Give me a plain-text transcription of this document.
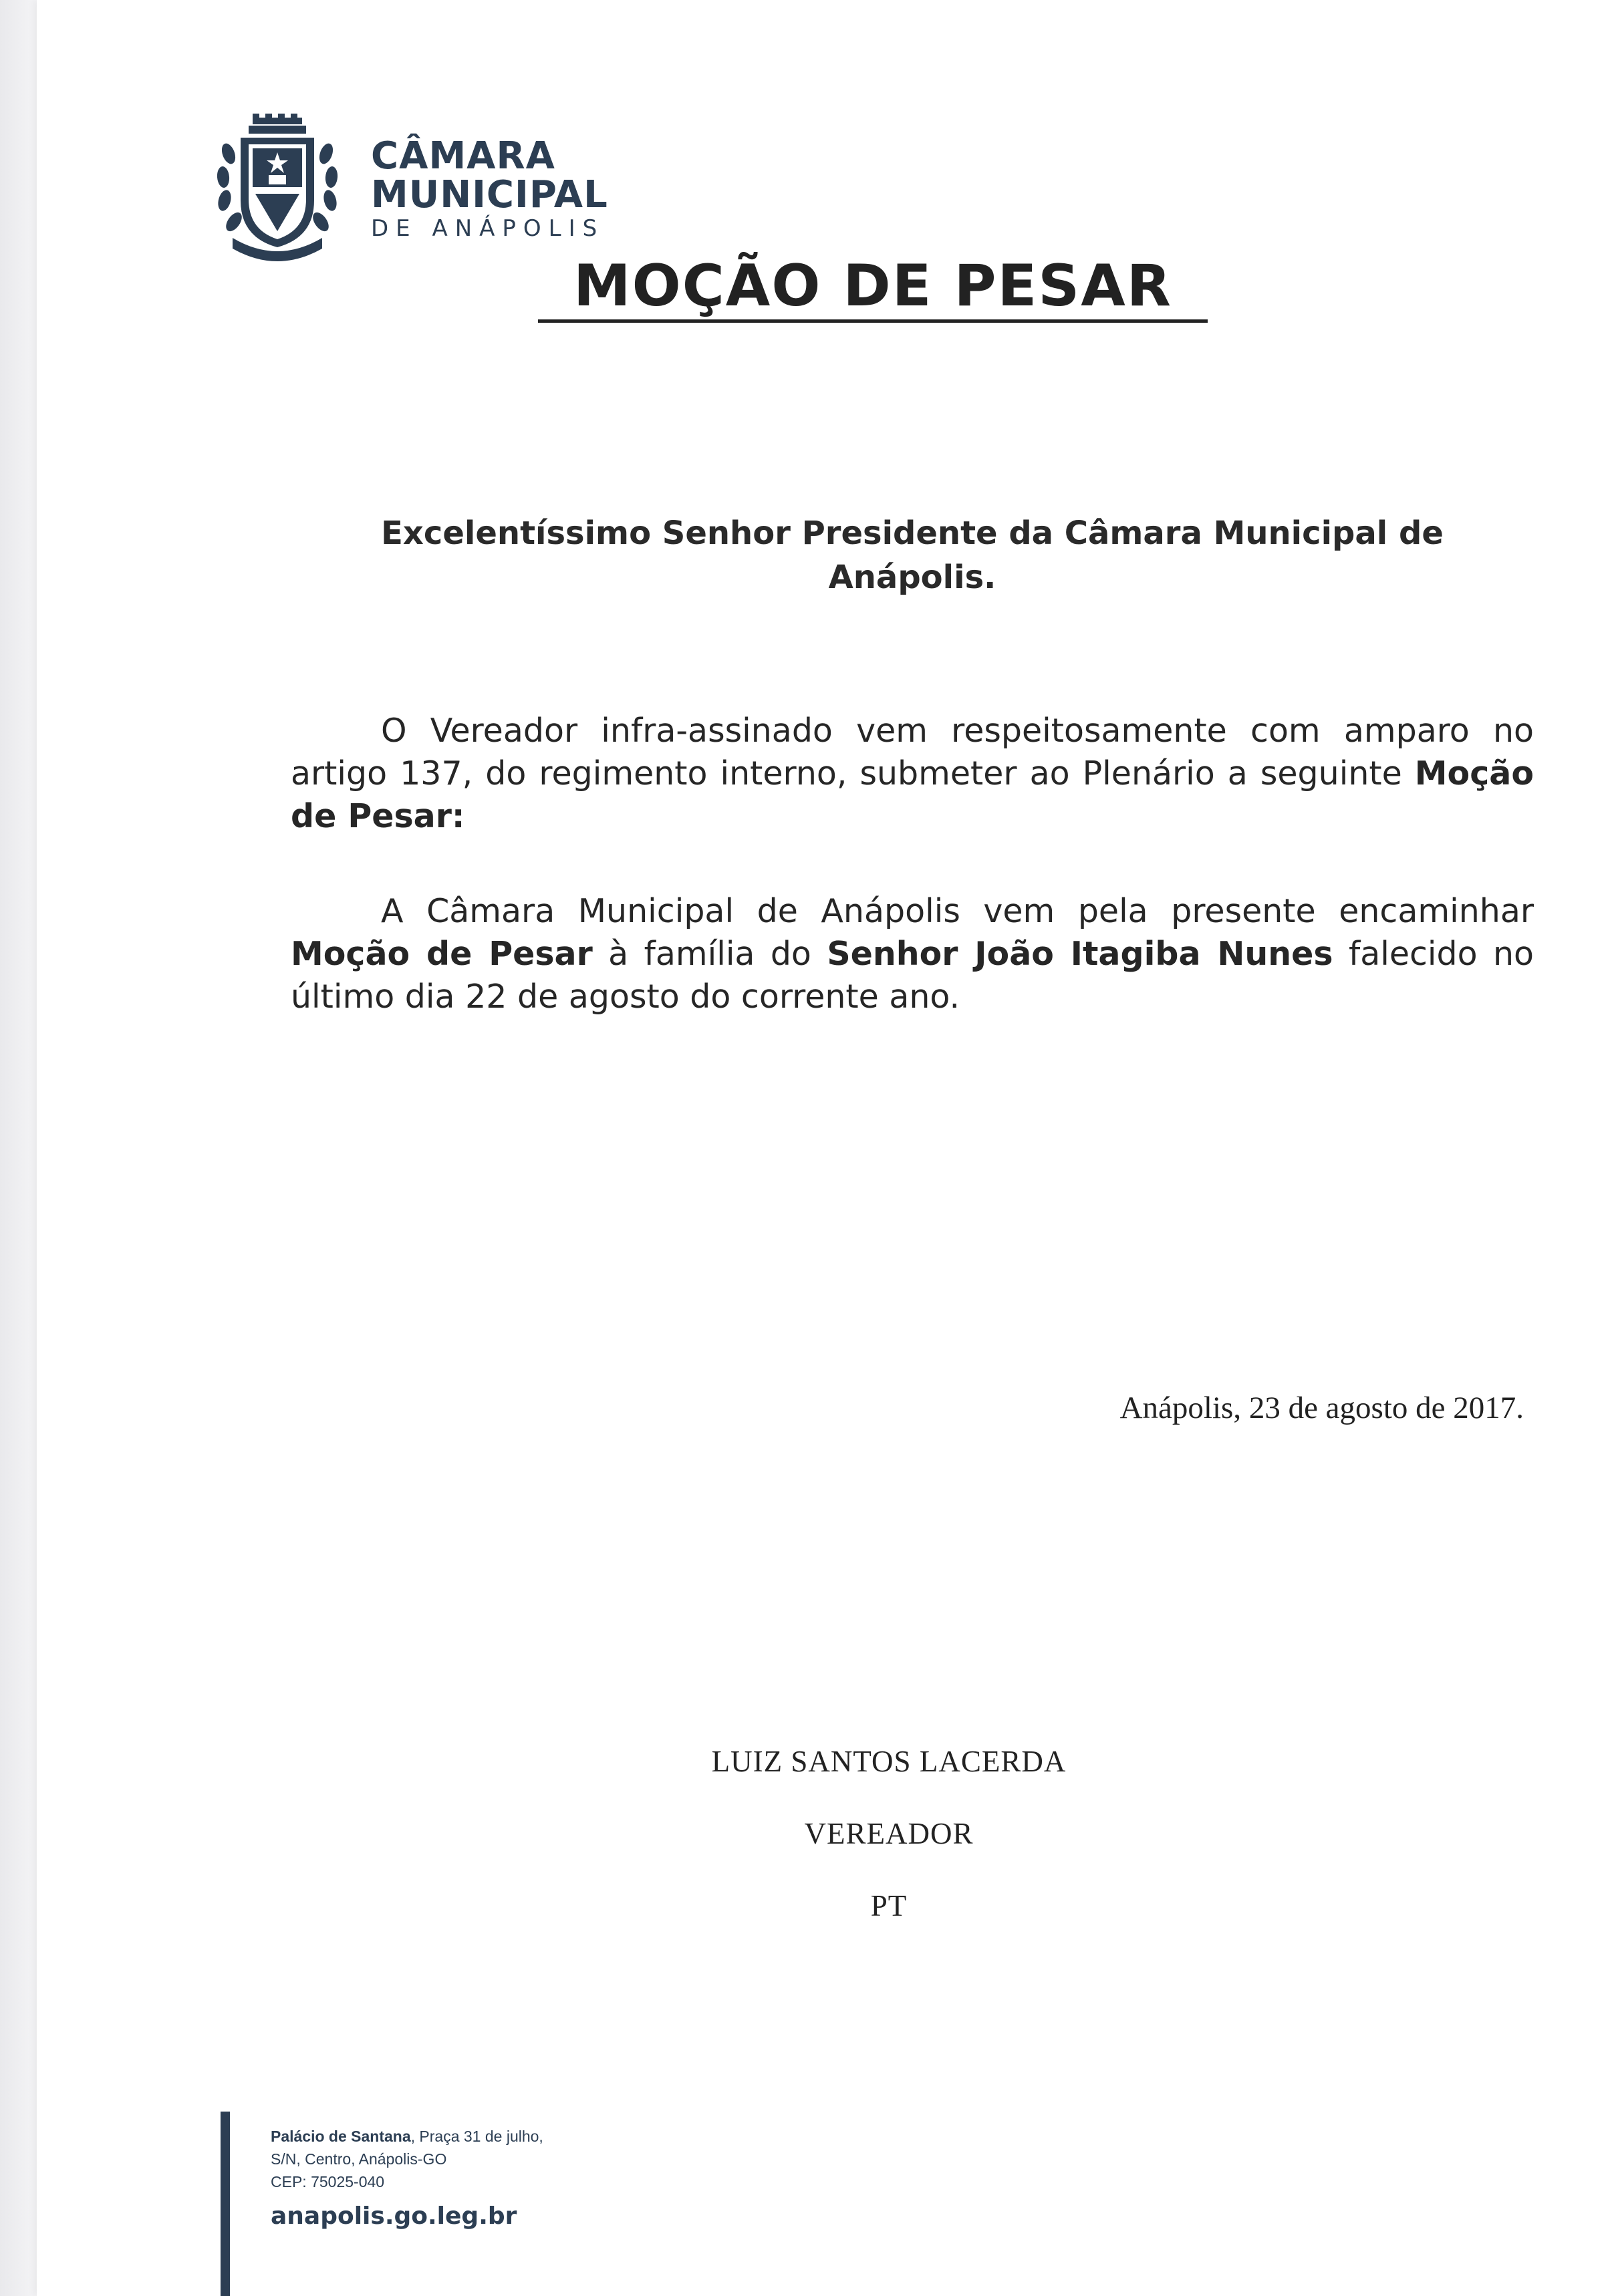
CÂMARA
MUNICIPAL
DE ANÁPOLIS
MOÇÃO DE PESAR
Excelentíssimo Senhor Presidente da Câmara Municipal de Anápolis.
O Vereador infra-assinado vem respeitosamente com amparo no artigo 137, do regimento interno, submeter ao Plenário a seguinte Moção de Pesar:
A Câmara Municipal de Anápolis vem pela presente encaminhar Moção de Pesar à família do Senhor João Itagiba Nunes falecido no último dia 22 de agosto do corrente ano.
Anápolis, 23 de agosto de 2017.
LUIZ SANTOS LACERDA
VEREADOR
PT
Palácio de Santana, Praça 31 de julho,
S/N, Centro, Anápolis-GO
CEP: 75025-040
anapolis.go.leg.br
